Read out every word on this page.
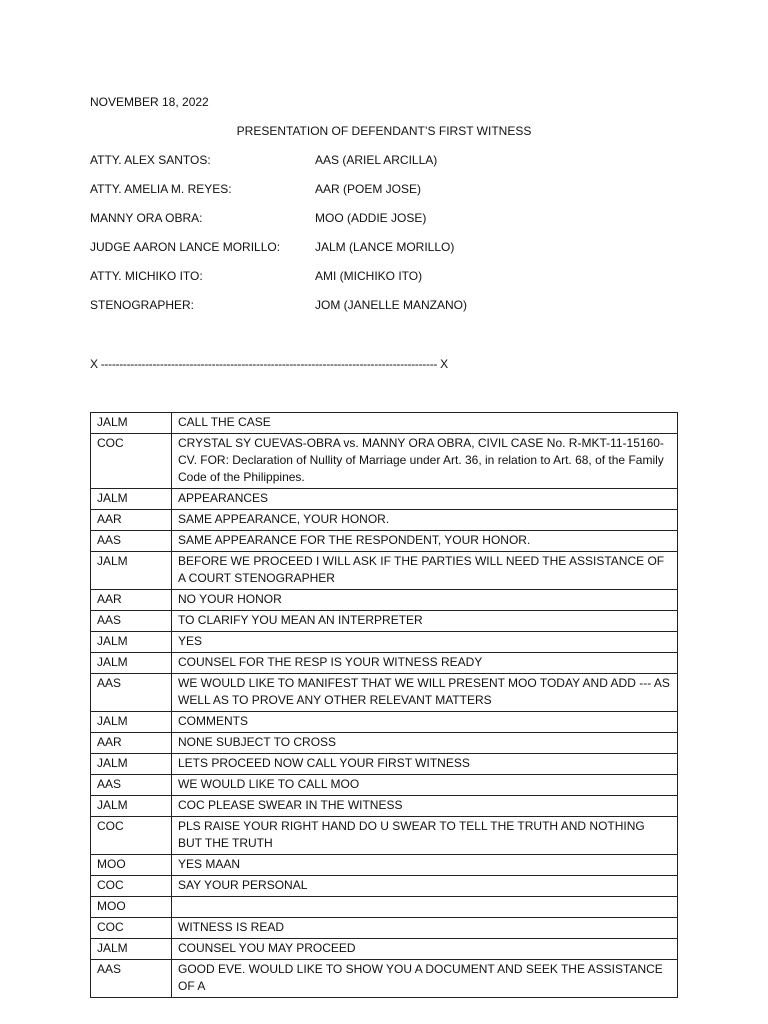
NOVEMBER 18, 2022
PRESENTATION OF DEFENDANT’S FIRST WITNESS
ATTY. ALEX SANTOS:	AAS (ARIEL ARCILLA)
ATTY. AMELIA M. REYES:	AAR (POEM JOSE)
MANNY ORA OBRA:	MOO (ADDIE JOSE)
JUDGE AARON LANCE MORILLO:	JALM (LANCE MORILLO)
ATTY. MICHIKO ITO:	AMI (MICHIKO ITO)
STENOGRAPHER:	JOM (JANELLE MANZANO)
X ------------------------------------------------------------------------------------------- X
JALM	CALL THE CASE
COC	CRYSTAL SY CUEVAS-OBRA vs. MANNY ORA OBRA, CIVIL CASE No. R-MKT-11-15160-CV. FOR: Declaration of Nullity of Marriage under Art. 36, in relation to Art. 68, of the Family Code of the Philippines.
JALM	APPEARANCES
AAR	SAME APPEARANCE, YOUR HONOR.
AAS	SAME APPEARANCE FOR THE RESPONDENT, YOUR HONOR.
JALM	BEFORE WE PROCEED I WILL ASK IF THE PARTIES WILL NEED THE ASSISTANCE OF A COURT STENOGRAPHER
AAR	NO YOUR HONOR
AAS	TO CLARIFY YOU MEAN AN INTERPRETER
JALM	YES
JALM	COUNSEL FOR THE RESP IS YOUR WITNESS READY
AAS	WE WOULD LIKE TO MANIFEST THAT WE WILL PRESENT MOO TODAY AND ADD --- AS WELL AS TO PROVE ANY OTHER RELEVANT MATTERS
JALM	COMMENTS
AAR	NONE SUBJECT TO CROSS
JALM	LETS PROCEED NOW CALL YOUR FIRST WITNESS
AAS	WE WOULD LIKE TO CALL MOO
JALM	COC PLEASE SWEAR IN THE WITNESS
COC	PLS RAISE YOUR RIGHT HAND DO U SWEAR TO TELL THE TRUTH AND NOTHING BUT THE TRUTH
MOO	YES MAAN
COC	SAY YOUR PERSONAL
MOO	
COC	WITNESS IS READ
JALM	COUNSEL YOU MAY PROCEED
AAS	GOOD EVE. WOULD LIKE TO SHOW YOU A DOCUMENT AND SEEK THE ASSISTANCE OF A
